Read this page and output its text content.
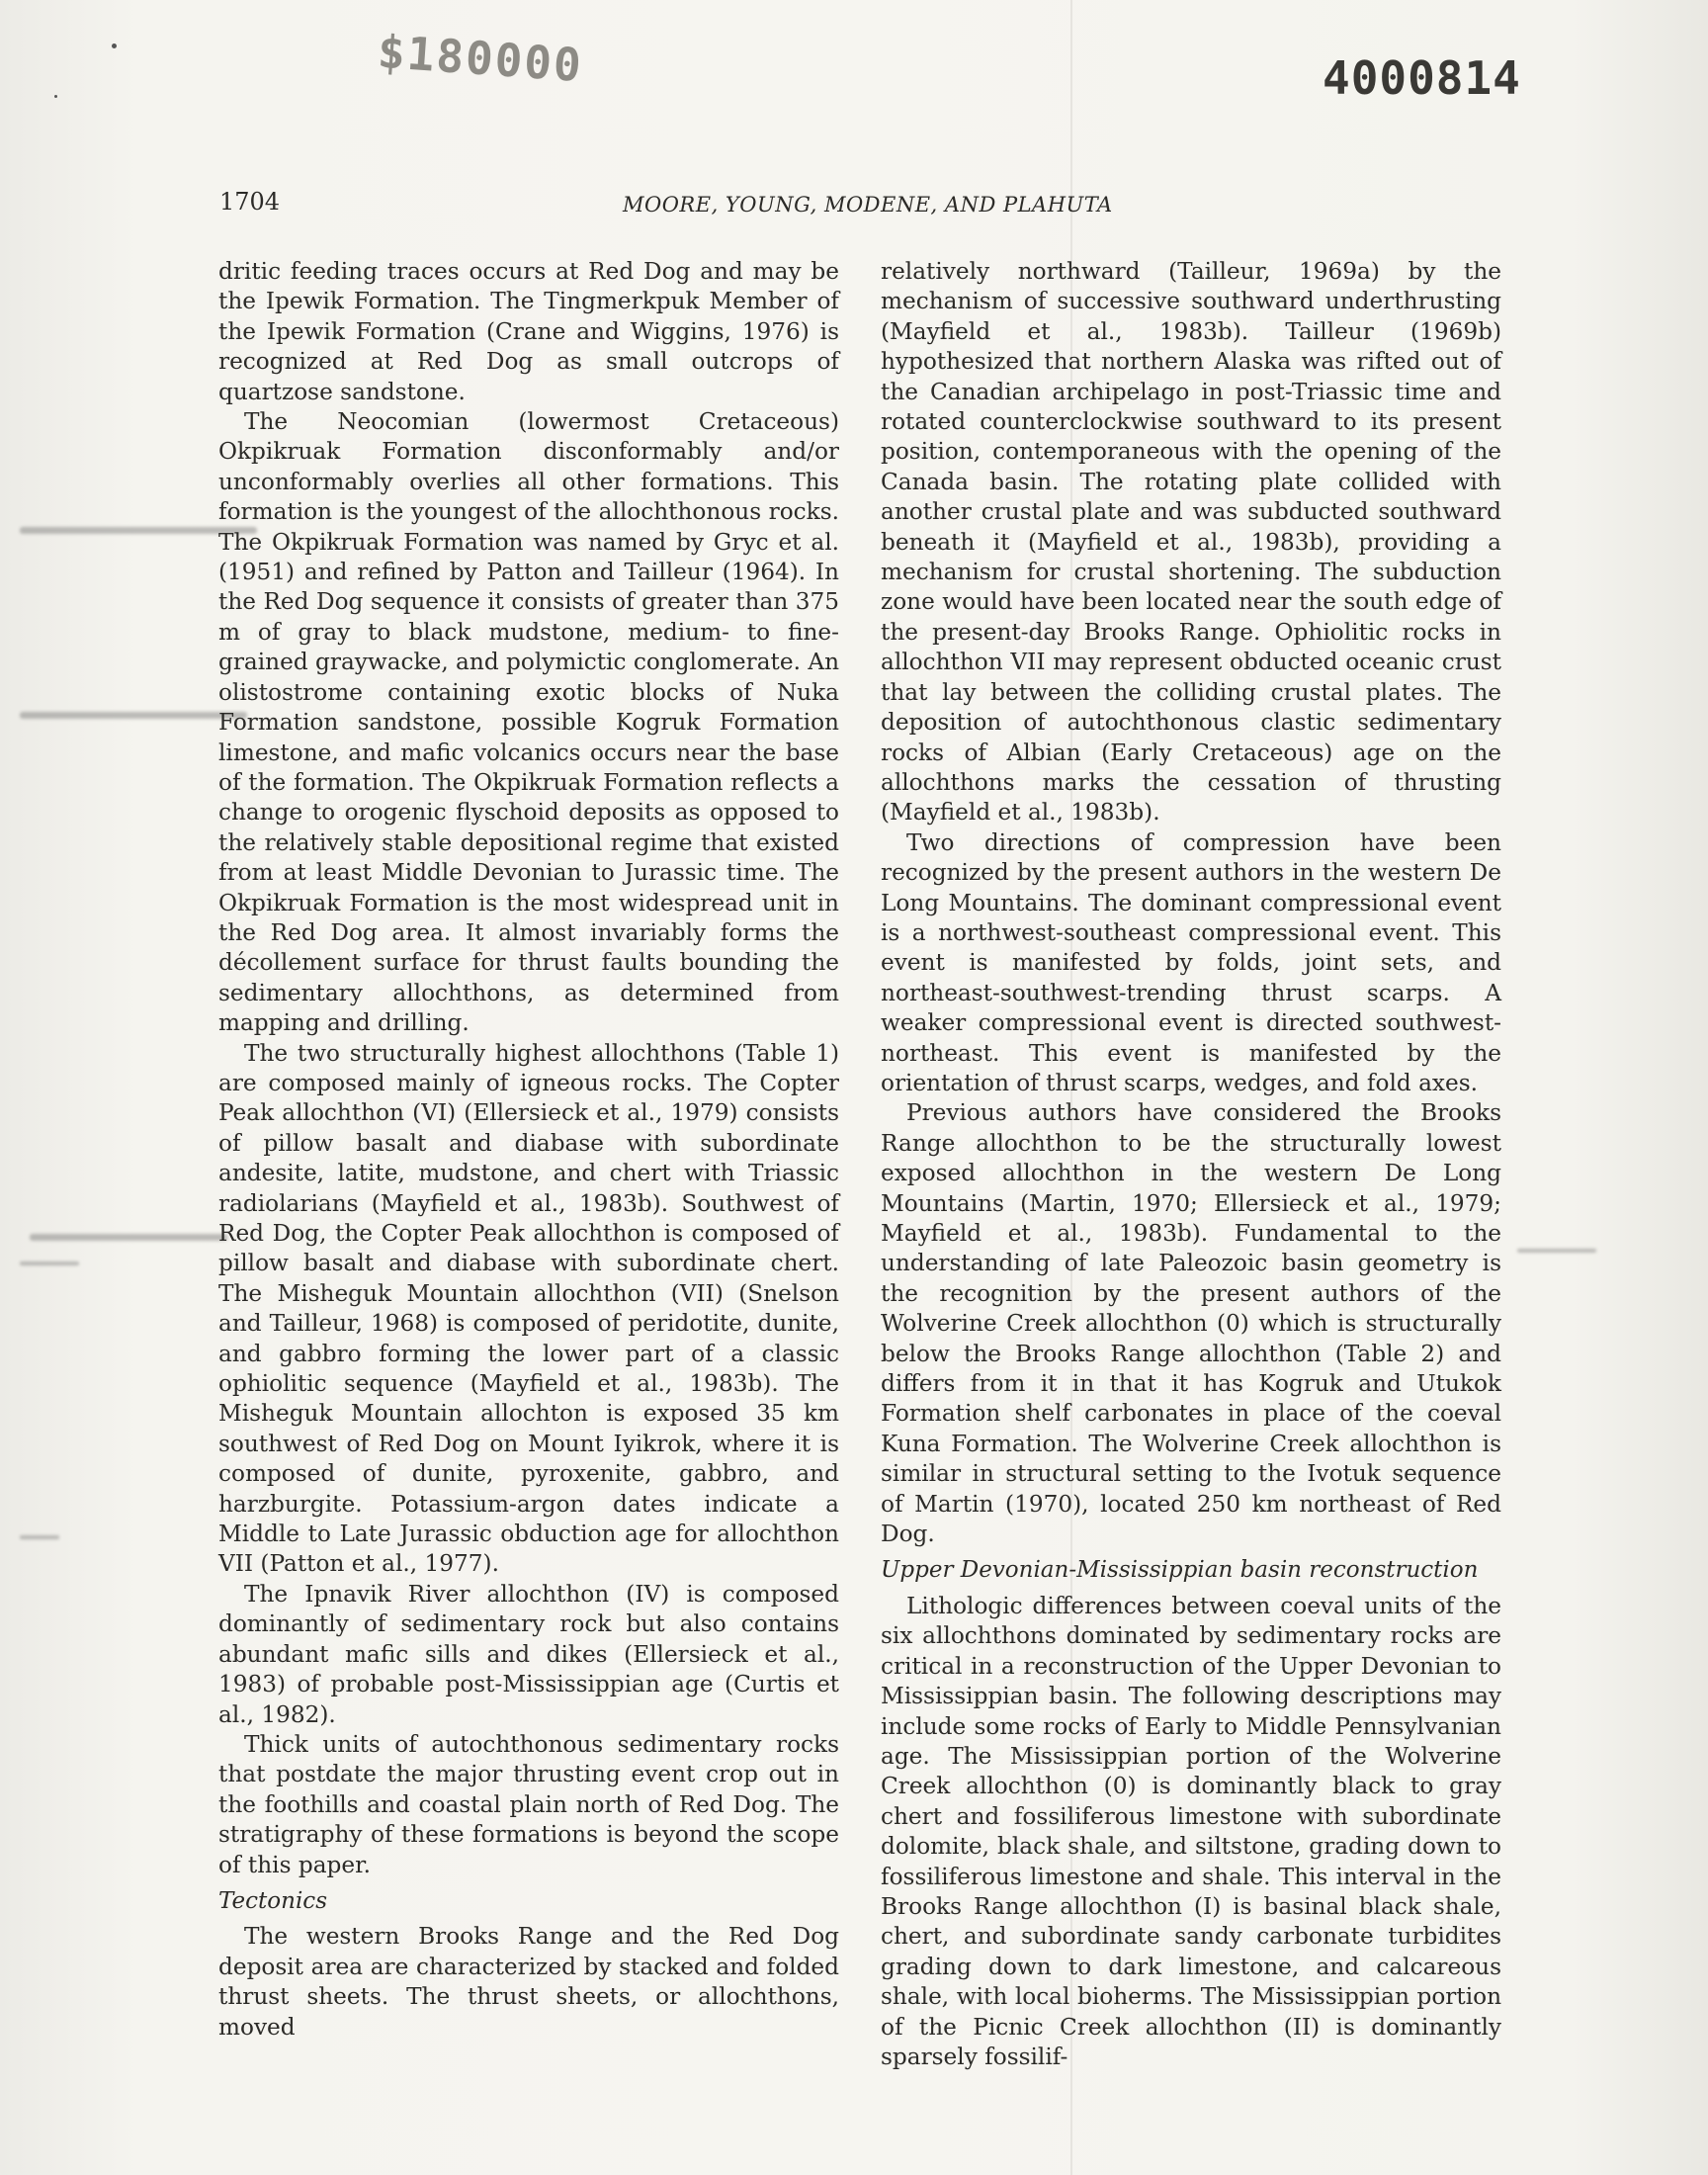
$180000	4000814
1704	MOORE, YOUNG, MODENE, AND PLAHUTA

dritic feeding traces occurs at Red Dog and may be the Ipewik Formation. The Tingmerkpuk Member of the Ipewik Formation (Crane and Wiggins, 1976) is recognized at Red Dog as small outcrops of quartzose sandstone.

The Neocomian (lowermost Cretaceous) Okpikruak Formation disconformably and/or unconformably overlies all other formations. This formation is the youngest of the allochthonous rocks. The Okpikruak Formation was named by Gryc et al. (1951) and refined by Patton and Tailleur (1964). In the Red Dog sequence it consists of greater than 375 m of gray to black mudstone, medium- to fine-grained graywacke, and polymictic conglomerate. An olistostrome containing exotic blocks of Nuka Formation sandstone, possible Kogruk Formation limestone, and mafic volcanics occurs near the base of the formation. The Okpikruak Formation reflects a change to orogenic flyschoid deposits as opposed to the relatively stable depositional regime that existed from at least Middle Devonian to Jurassic time. The Okpikruak Formation is the most widespread unit in the Red Dog area. It almost invariably forms the décollement surface for thrust faults bounding the sedimentary allochthons, as determined from mapping and drilling.

The two structurally highest allochthons (Table 1) are composed mainly of igneous rocks. The Copter Peak allochthon (VI) (Ellersieck et al., 1979) consists of pillow basalt and diabase with subordinate andesite, latite, mudstone, and chert with Triassic radiolarians (Mayfield et al., 1983b). Southwest of Red Dog, the Copter Peak allochthon is composed of pillow basalt and diabase with subordinate chert. The Misheguk Mountain allochthon (VII) (Snelson and Tailleur, 1968) is composed of peridotite, dunite, and gabbro forming the lower part of a classic ophiolitic sequence (Mayfield et al., 1983b). The Misheguk Mountain allochton is exposed 35 km southwest of Red Dog on Mount Iyikrok, where it is composed of dunite, pyroxenite, gabbro, and harzburgite. Potassium-argon dates indicate a Middle to Late Jurassic obduction age for allochthon VII (Patton et al., 1977).

The Ipnavik River allochthon (IV) is composed dominantly of sedimentary rock but also contains abundant mafic sills and dikes (Ellersieck et al., 1983) of probable post-Mississippian age (Curtis et al., 1982).

Thick units of autochthonous sedimentary rocks that postdate the major thrusting event crop out in the foothills and coastal plain north of Red Dog. The stratigraphy of these formations is beyond the scope of this paper.

Tectonics

The western Brooks Range and the Red Dog deposit area are characterized by stacked and folded thrust sheets. The thrust sheets, or allochthons, moved

relatively northward (Tailleur, 1969a) by the mechanism of successive southward underthrusting (Mayfield et al., 1983b). Tailleur (1969b) hypothesized that northern Alaska was rifted out of the Canadian archipelago in post-Triassic time and rotated counterclockwise southward to its present position, contemporaneous with the opening of the Canada basin. The rotating plate collided with another crustal plate and was subducted southward beneath it (Mayfield et al., 1983b), providing a mechanism for crustal shortening. The subduction zone would have been located near the south edge of the present-day Brooks Range. Ophiolitic rocks in allochthon VII may represent obducted oceanic crust that lay between the colliding crustal plates. The deposition of autochthonous clastic sedimentary rocks of Albian (Early Cretaceous) age on the allochthons marks the cessation of thrusting (Mayfield et al., 1983b).

Two directions of compression have been recognized by the present authors in the western De Long Mountains. The dominant compressional event is a northwest-southeast compressional event. This event is manifested by folds, joint sets, and northeast-southwest-trending thrust scarps. A weaker compressional event is directed southwest-northeast. This event is manifested by the orientation of thrust scarps, wedges, and fold axes.

Previous authors have considered the Brooks Range allochthon to be the structurally lowest exposed allochthon in the western De Long Mountains (Martin, 1970; Ellersieck et al., 1979; Mayfield et al., 1983b). Fundamental to the understanding of late Paleozoic basin geometry is the recognition by the present authors of the Wolverine Creek allochthon (0) which is structurally below the Brooks Range allochthon (Table 2) and differs from it in that it has Kogruk and Utukok Formation shelf carbonates in place of the coeval Kuna Formation. The Wolverine Creek allochthon is similar in structural setting to the Ivotuk sequence of Martin (1970), located 250 km northeast of Red Dog.

Upper Devonian-Mississippian basin reconstruction

Lithologic differences between coeval units of the six allochthons dominated by sedimentary rocks are critical in a reconstruction of the Upper Devonian to Mississippian basin. The following descriptions may include some rocks of Early to Middle Pennsylvanian age. The Mississippian portion of the Wolverine Creek allochthon (0) is dominantly black to gray chert and fossiliferous limestone with subordinate dolomite, black shale, and siltstone, grading down to fossiliferous limestone and shale. This interval in the Brooks Range allochthon (I) is basinal black shale, chert, and subordinate sandy carbonate turbidites grading down to dark limestone, and calcareous shale, with local bioherms. The Mississippian portion of the Picnic Creek allochthon (II) is dominantly sparsely fossilif-
